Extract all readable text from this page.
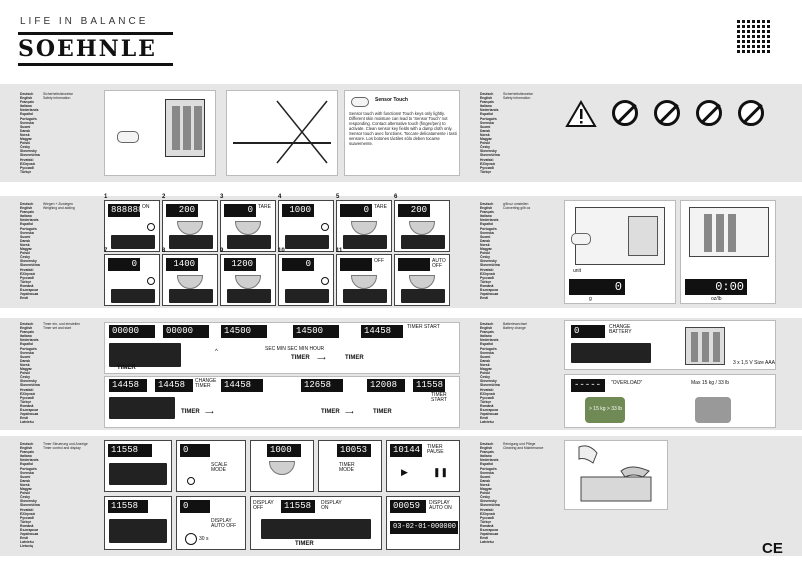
LIFE IN BALANCE
SOEHNLE
Deutsch	Sicherheitshinweise
English	Safety information
Français
Italiano
Nederlands
Español
Português
Svenska
Suomi
Dansk
Norsk
Magyar
Polski
Česky
Slovensky
Slovenščina
Hrvatski
Ελληνικά
Русский
Türkçe
Sensor Touch
Sensor touch with functions! Touch keys only lightly. Different skin moisture can lead to 'Sensor Touch' not responding. Contact alternative touch (finger/pen) to activate. Clean sensor key fields with a damp cloth only. Sensor touch avec fonctions. Toccare delicatamente i tasti sensore. Los botones táctiles sólo deben tocarse suavemente.
Deutsch	Wiegen + Zuwiegen
English	Weighing and adding
Français
Italiano
Nederlands
Español
Português
Svenska
Suomi
Dansk
Norsk
Magyar
Polski
Česky
Slovensky
Slovenščina
Hrvatski
Ελληνικά
Русский
Türkçe
Română
Български
Українська
Eesti
1
888888
ON
2
200
3
0	TARE
4
1000
5
0	TARE
6
200
7
0
8
1400
9
1200
10
0
11
OFF	AUTO OFF
Deutsch	Timer ein- und einstellen
English	Timer set and start
Français
Italiano
Nederlands
Español
Português
Svenska
Suomi
Dansk
Norsk
Magyar
Polski
Česky
Slovensky
Slovenščina
Hrvatski
Ελληνικά
Русский
Türkçe
Română
Български
Українська
Eesti
Latviešu
00000	00000	14500	14500	14458	TIMER START
SEC MIN SEC MIN HOUR
TIMER
^
TIMER ⟶	TIMER
14458	14458	CHANGE TIMER	14458	12658	12008	11558
TIMER START
TIMER ⟶	TIMER ⟶	TIMER
Deutsch	Timer Steuerung und Anzeige
English	Timer control and display
Français
Italiano
Nederlands
Español
Português
Svenska
Suomi
Dansk
Norsk
Magyar
Polski
Česky
Slovensky
Slovenščina
Hrvatski
Ελληνικά
Русский
Türkçe
Română
Български
Українська
Eesti
Latviešu
Lietuvių
11558	0
SCALE MODE
1000	10053
TIMER MODE
10144	TIMER PAUSE
▶	❚❚
11558	0
DISPLAY AUTO OFF
30 s
11558
DISPLAY OFF
DISPLAY ON
TIMER
00059	DISPLAY AUTO ON
03-02-01-000000
Deutsch	Sicherheitshinweise
English	Safety information
Français
Italiano
Nederlands
Español
Português
Svenska
Suomi
Dansk
Norsk
Magyar
Polski
Česky
Slovensky
Slovenščina
Hrvatski
Ελληνικά
Русский
Türkçe
Deutsch	g/lb:oz umstellen
English	Converting g/lb:oz
Français
Italiano
Nederlands
Español
Português
Svenska
Suomi
Dansk
Norsk
Magyar
Polski
Česky
Slovensky
Slovenščina
Hrvatski
Ελληνικά
Русский
Türkçe
Română
Български
Українська
Eesti
unit
0
g
0:00
oz/lb
Deutsch	Batteriewechsel
English	Battery change
Français
Italiano
Nederlands
Español
Português
Svenska
Suomi
Dansk
Norsk
Magyar
Polski
Česky
Slovensky
Slovenščina
Hrvatski
Ελληνικά
Русский
Türkçe
Română
Български
Українська
Eesti
Latviešu
0	CHANGE BATTERY
3 x 1,5 V Size AAA
-----	"OVERLOAD"	Max 15 kg / 33 lb
> 15 kg > 33 lb
Deutsch	Reinigung und Pflege
English	Cleaning and Maintenance
Français
Italiano
Nederlands
Español
Português
Svenska
Suomi
Dansk
Norsk
Magyar
Polski
Česky
Slovensky
Slovenščina
Hrvatski
Ελληνικά
Русский
Türkçe
Română
Български
Українська
Eesti
Latviešu	CE
